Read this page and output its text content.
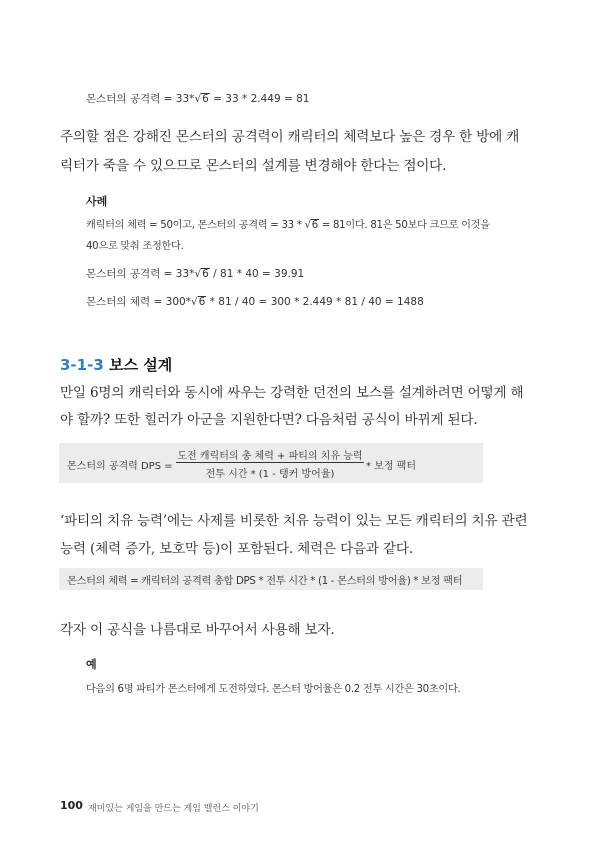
몬스터의 공격력 = 33*√6 = 33 * 2.449 = 81
주의할 점은 강해진 몬스터의 공격력이 캐릭터의 체력보다 높은 경우 한 방에 캐
릭터가 죽을 수 있으므로 몬스터의 설계를 변경해야 한다는 점이다.
사례
캐릭터의 체력 = 50이고, 몬스터의 공격력 = 33 * √6 = 81이다. 81은 50보다 크므로 이것을
40으로 맞춰 조정한다.
몬스터의 공격력 = 33*√6 / 81 * 40 = 39.91
몬스터의 체력 = 300*√6 * 81 / 40 = 300 * 2.449 * 81 / 40 = 1488
3-1-3 보스 설계
만일 6명의 캐릭터와 동시에 싸우는 강력한 던전의 보스를 설계하려면 어떻게 해
야 할까? 또한 힐러가 아군을 지원한다면? 다음처럼 공식이 바뀌게 된다.
몬스터의 공격력 DPS =
도전 캐릭터의 총 체력 + 파티의 치유 능력
전투 시간 * (1 - 탱커 방어율)
* 보정 팩터
‘파티의 치유 능력’에는 사제를 비롯한 치유 능력이 있는 모든 캐릭터의 치유 관련
능력 (체력 증가, 보호막 등)이 포함된다. 체력은 다음과 같다.
몬스터의 체력 = 캐릭터의 공격력 총합 DPS * 전투 시간 * (1 - 몬스터의 방어율) * 보정 팩터
각자 이 공식을 나름대로 바꾸어서 사용해 보자.
예
다음의 6명 파티가 몬스터에게 도전하였다. 몬스터 방어율은 0.2 전투 시간은 30초이다.
100 재미있는 게임을 만드는 게임 밸런스 이야기
